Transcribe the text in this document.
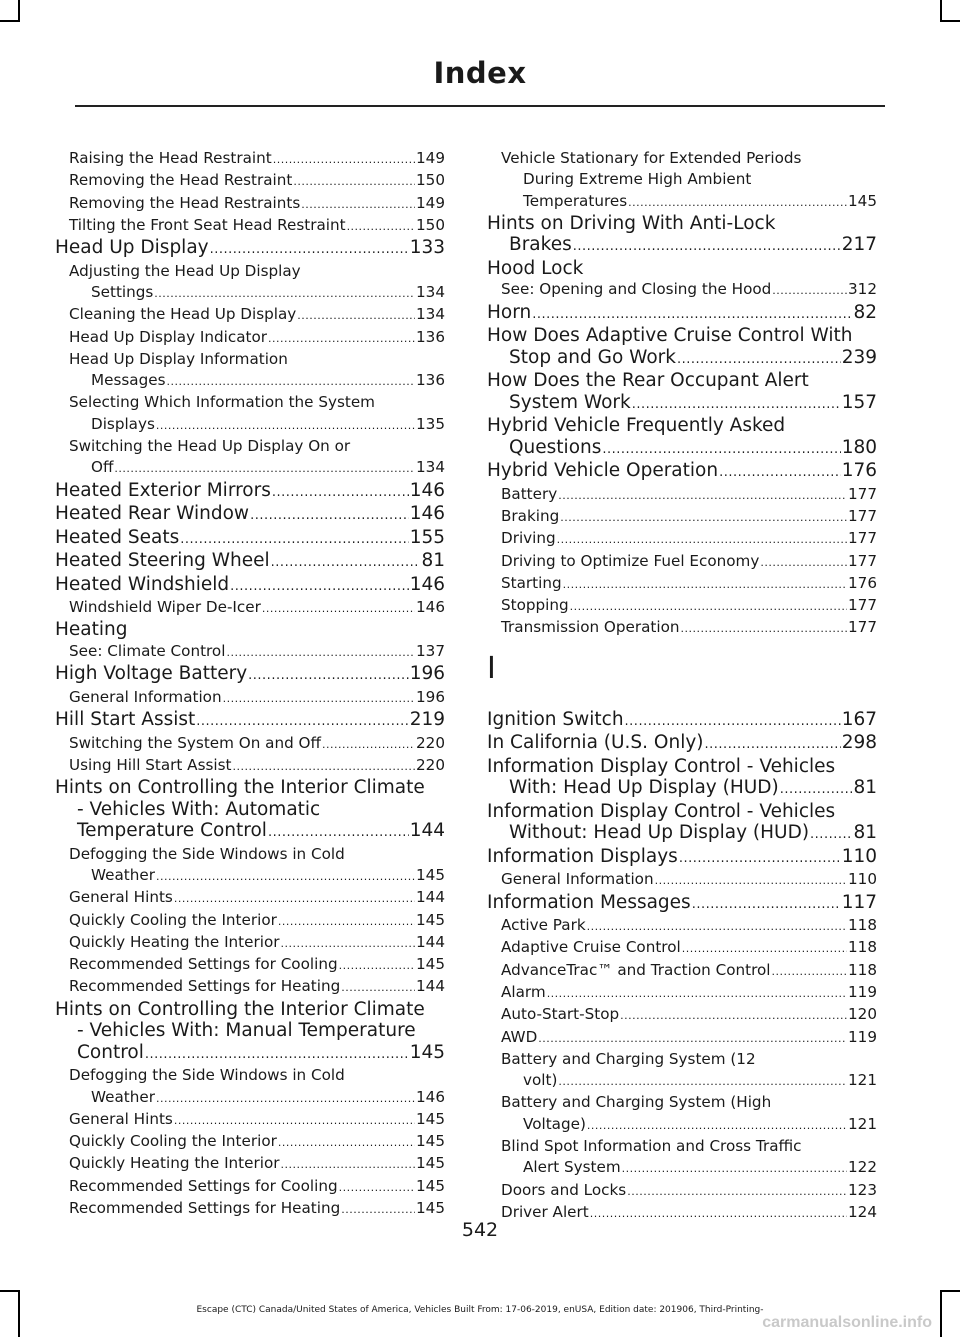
Index
Raising the Head Restraint .....	149
Removing the Head Restraint .....	150
Removing the Head Restraints .....	149
Tilting the Front Seat Head Restraint .....	150
Head Up Display .....	133
Adjusting the Head Up Display
Settings .....	134
Cleaning the Head Up Display .....	134
Head Up Display Indicator .....	136
Head Up Display Information
Messages .....	136
Selecting Which Information the System
Displays .....	135
Switching the Head Up Display On or
Off .....	134
Heated Exterior Mirrors .....	146
Heated Rear Window .....	146
Heated Seats .....	155
Heated Steering Wheel .....	81
Heated Windshield .....	146
Windshield Wiper De-Icer .....	146
Heating
See: Climate Control .....	137
High Voltage Battery .....	196
General Information .....	196
Hill Start Assist .....	219
Switching the System On and Off .....	220
Using Hill Start Assist .....	220
Hints on Controlling the Interior Climate
- Vehicles With: Automatic
Temperature Control .....	144
Defogging the Side Windows in Cold
Weather .....	145
General Hints .....	144
Quickly Cooling the Interior .....	145
Quickly Heating the Interior .....	144
Recommended Settings for Cooling .....	145
Recommended Settings for Heating .....	144
Hints on Controlling the Interior Climate
- Vehicles With: Manual Temperature
Control .....	145
Defogging the Side Windows in Cold
Weather .....	146
General Hints .....	145
Quickly Cooling the Interior .....	145
Quickly Heating the Interior .....	145
Recommended Settings for Cooling .....	145
Recommended Settings for Heating .....	145
Vehicle Stationary for Extended Periods
During Extreme High Ambient
Temperatures .....	145
Hints on Driving With Anti-Lock
Brakes .....	217
Hood Lock
See: Opening and Closing the Hood .....	312
Horn .....	82
How Does Adaptive Cruise Control With
Stop and Go Work .....	239
How Does the Rear Occupant Alert
System Work .....	157
Hybrid Vehicle Frequently Asked
Questions .....	180
Hybrid Vehicle Operation .....	176
Battery .....	177
Braking .....	177
Driving .....	177
Driving to Optimize Fuel Economy .....	177
Starting .....	176
Stopping .....	177
Transmission Operation .....	177
I
Ignition Switch .....	167
In California (U.S. Only) .....	298
Information Display Control - Vehicles
With: Head Up Display (HUD) .....	81
Information Display Control - Vehicles
Without: Head Up Display (HUD) ..... 81
Information Displays .....	110
General Information .....	110
Information Messages .....	117
Active Park .....	118
Adaptive Cruise Control .....	118
AdvanceTrac™ and Traction Control .....	118
Alarm .....	119
Auto-Start-Stop .....	120
AWD .....	119
Battery and Charging System (12
volt) .....	121
Battery and Charging System (High
Voltage) .....	121
Blind Spot Information and Cross Traffic
Alert System .....	122
Doors and Locks .....	123
Driver Alert .....	124
542
Escape (CTC) Canada/United States of America, Vehicles Built From: 17-06-2019, enUSA, Edition date: 201906, Third-Printing-
carmanualsonline.info
